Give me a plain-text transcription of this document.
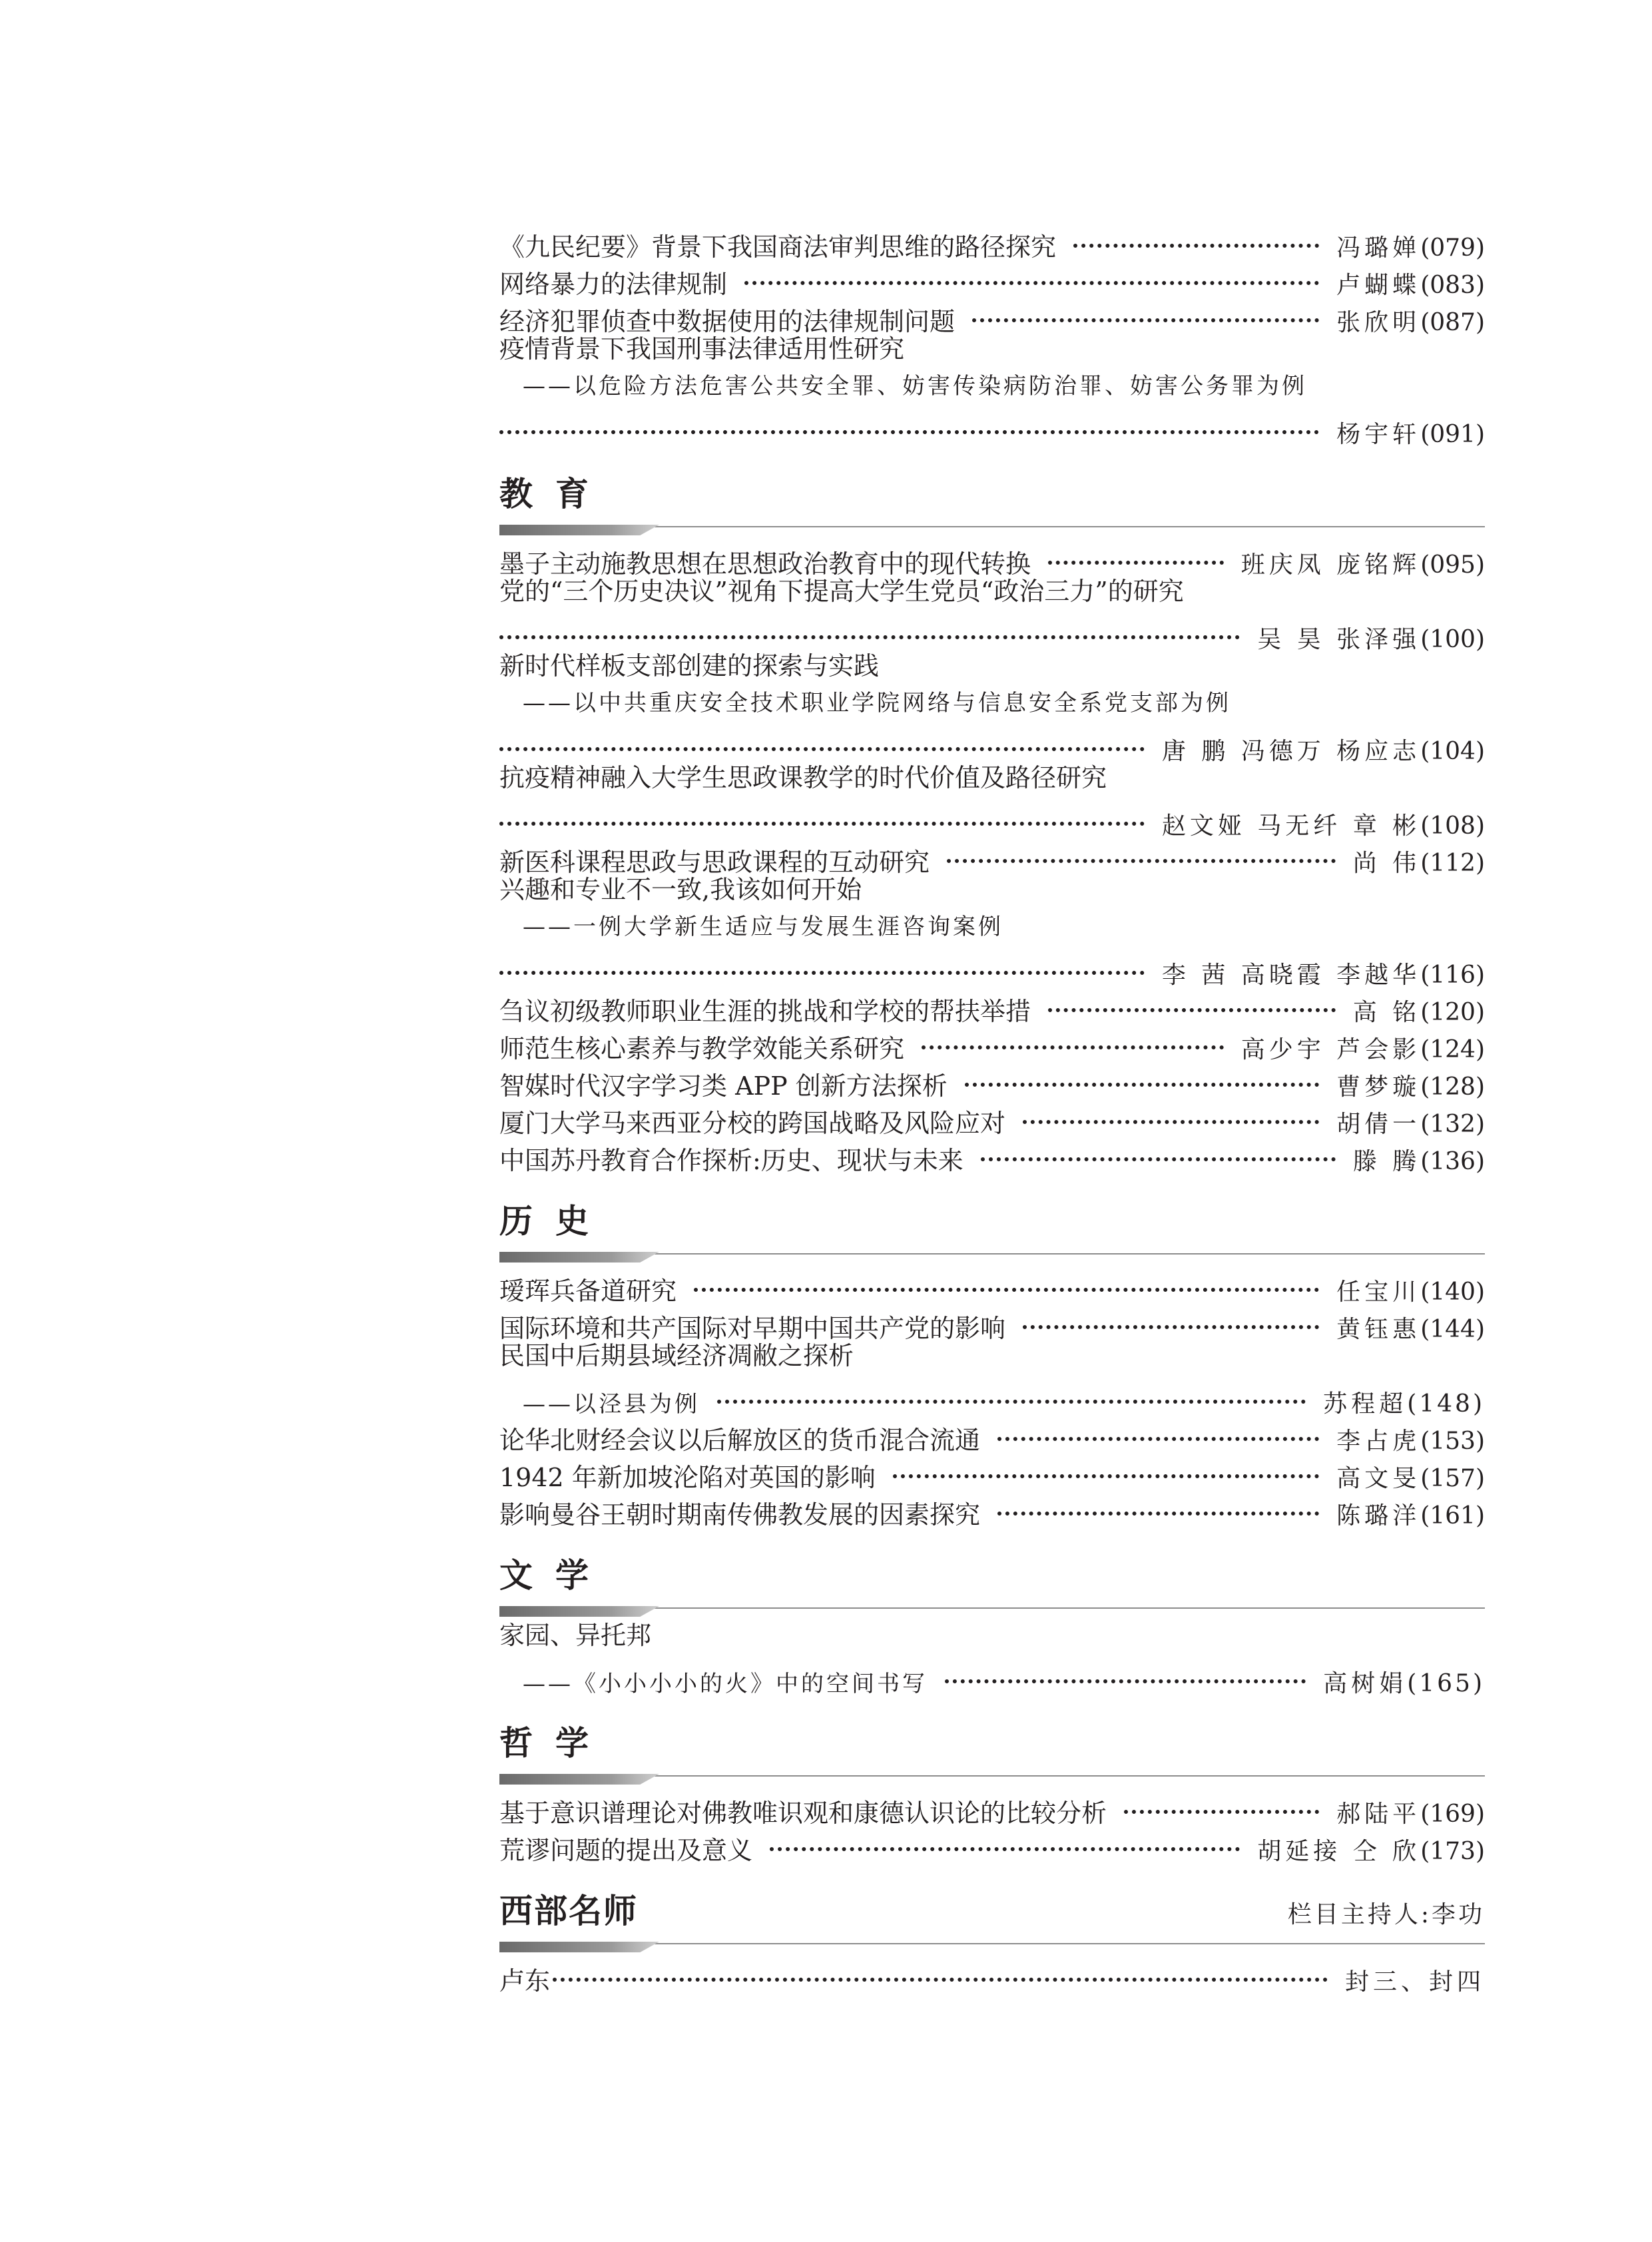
《九民纪要》背景下我国商法审判思维的路径探究	冯璐婵 (079)
网络暴力的法律规制	卢蝴蝶 (083)
经济犯罪侦查中数据使用的法律规制问题	张欣明 (087)
疫情背景下我国刑事法律适用性研究
——以危险方法危害公共安全罪、妨害传染病防治罪、妨害公务罪为例
杨宇轩 (091)
教育
墨子主动施教思想在思想政治教育中的现代转换	班庆凤 庞铭辉 (095)
党的“三个历史决议”视角下提高大学生党员“政治三力”的研究
吴 昊 张泽强 (100)
新时代样板支部创建的探索与实践
——以中共重庆安全技术职业学院网络与信息安全系党支部为例
唐 鹏 冯德万 杨应志 (104)
抗疫精神融入大学生思政课教学的时代价值及路径研究
赵文娅 马无纤 章 彬 (108)
新医科课程思政与思政课程的互动研究	尚 伟 (112)
兴趣和专业不一致,我该如何开始
——一例大学新生适应与发展生涯咨询案例
李 茜 高晓霞 李越华 (116)
刍议初级教师职业生涯的挑战和学校的帮扶举措	高 铭 (120)
师范生核心素养与教学效能关系研究	高少宇 芦会影 (124)
智媒时代汉字学习类 APP 创新方法探析	曹梦璇 (128)
厦门大学马来西亚分校的跨国战略及风险应对	胡倩一 (132)
中国苏丹教育合作探析:历史、现状与未来	滕 腾 (136)
历史
瑷珲兵备道研究	任宝川 (140)
国际环境和共产国际对早期中国共产党的影响	黄钰惠 (144)
民国中后期县域经济凋敝之探析
——以泾县为例	苏程超 (148)
论华北财经会议以后解放区的货币混合流通	李占虎 (153)
1942 年新加坡沦陷对英国的影响	高文旻 (157)
影响曼谷王朝时期南传佛教发展的因素探究	陈璐洋 (161)
文学
家园、异托邦
——《小小小小的火》中的空间书写	高树娟 (165)
哲学
基于意识谱理论对佛教唯识观和康德认识论的比较分析	郝陆平 (169)
荒谬问题的提出及意义	胡延接 仝 欣 (173)
西部名师	栏目主持人:李功
卢东	封三、封四
